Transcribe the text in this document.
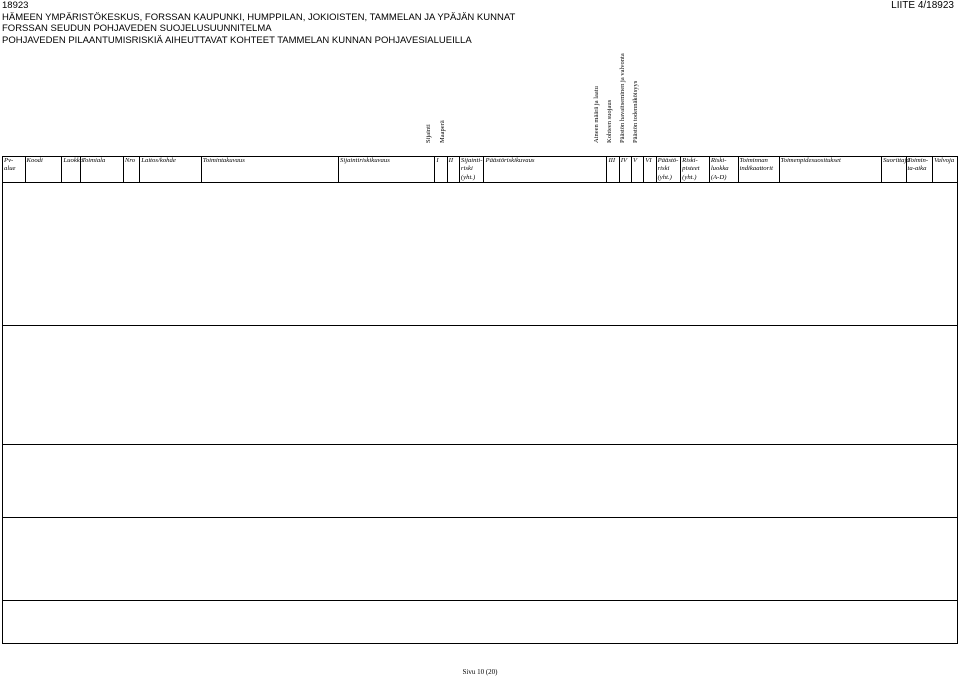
18923
HÄMEEN YMPÄRISTÖKESKUS, FORSSAN KAUPUNKI, HUMPPILAN, JOKIOISTEN, TAMMELAN JA YPÄJÄN KUNNAT
FORSSAN SEUDUN POHJAVEDEN SUOJELUSUUNNITELMA
POHJAVEDEN PILAANTUMISRISKIÄ AIHEUTTAVAT KOHTEET TAMMELAN KUNNAN POHJAVESIALUEILLA
LIITE 4/18923
Sijainti Maaperä	Aineen määrä ja laatu Kohteen suojaus Päästön havaitseminen ja valvonta Päästön todennäköisyys
Pv-alue	Koodi	Luokka	Toimiala	Nro	Laitos/kohde	Toimintakuvaus	Sijaintiriskikuvaus	I	II	Sijainti-riski (yht.)	Päästöriskikuvaus	III	IV	V	VI	Päästö-riski (yht.)	Riski-pisteet (yht.)	Riski-luokka (A-D)	Toiminnan indikaattorit	Toimenpidesuositukset	Suorittaja	Toimin-ta-aika	Valvoja

Sivu 10 (20)
